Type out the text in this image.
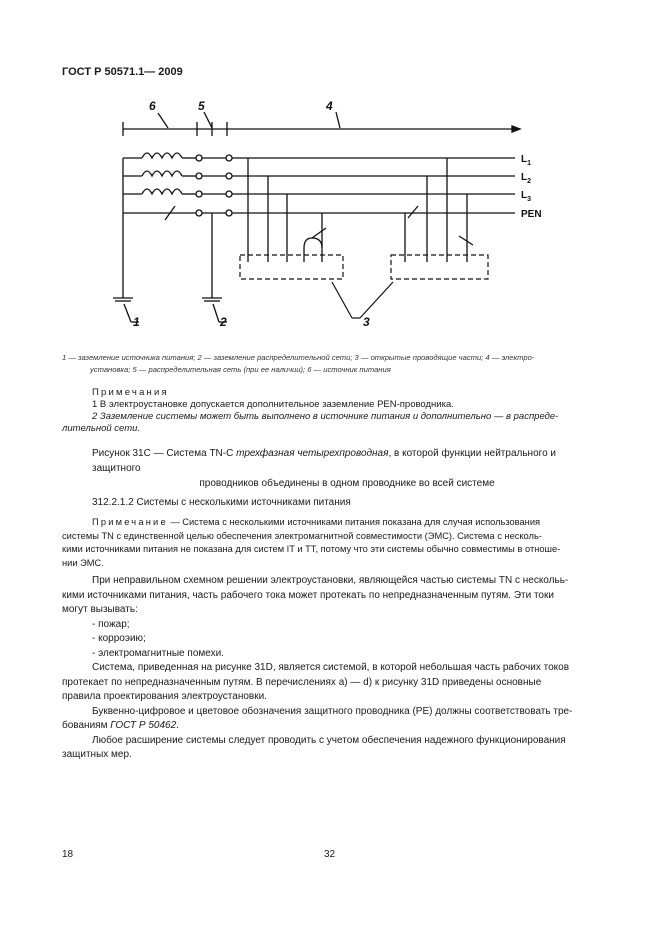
ГОСТ Р 50571.1— 2009
6	5	4
1	2	3
$L_1$
$L_2$
$L_3$
PEN
1 — заземление источника питания; 2 — заземление распределительной сети; 3 — открытые проводящие части; 4 — электро-
установка; 5 — распределительная сеть (при ее наличии); 6 — источник питания
Примечания
1 В электроустановке допускается дополнительное заземление PEN-проводника.
2 Заземление системы может быть выполнено в источнике питания и дополнительно — в распреде-
лительной сети.
Рисунок 31С — Система TN-C трехфазная четырехпроводная, в которой функции нейтрального и защитного
проводников объединены в одном проводнике во всей системе
312.2.1.2 Системы с несколькими источниками питания
Примечание — Система с несколькими источниками питания показана для случая использования
системы TN с единственной целью обеспечения электромагнитной совместимости (ЭМС). Система с несколь-
кими источниками питания не показана для систем IT и TT, потому что эти системы обычно совместимы в отноше-
нии ЭМС.
При неправильном схемном решении электроустановки, являющейся частью системы TN с нескольь-
кими источниками питания, часть рабочего тока может протекать по непредназначенным путям. Эти токи
могут вызывать:
- пожар;
- корроэию;
- электромагнитные помехи.
Система, приведенная на рисунке 31D, является системой, в которой небольшая часть рабочих токов
протекает по непредназначенным путям. В перечислениях а) — d) к рисунку 31D приведены основные
правила проектирования электроустановки.
Буквенно-цифровое и цветовое обозначения защитного проводника (РЕ) должны соответствовать тре-
бованиям ГОСТ Р 50462.
Любое расширение системы следует проводить с учетом обеспечения надежного функционирования
защитных мер.
18	32
